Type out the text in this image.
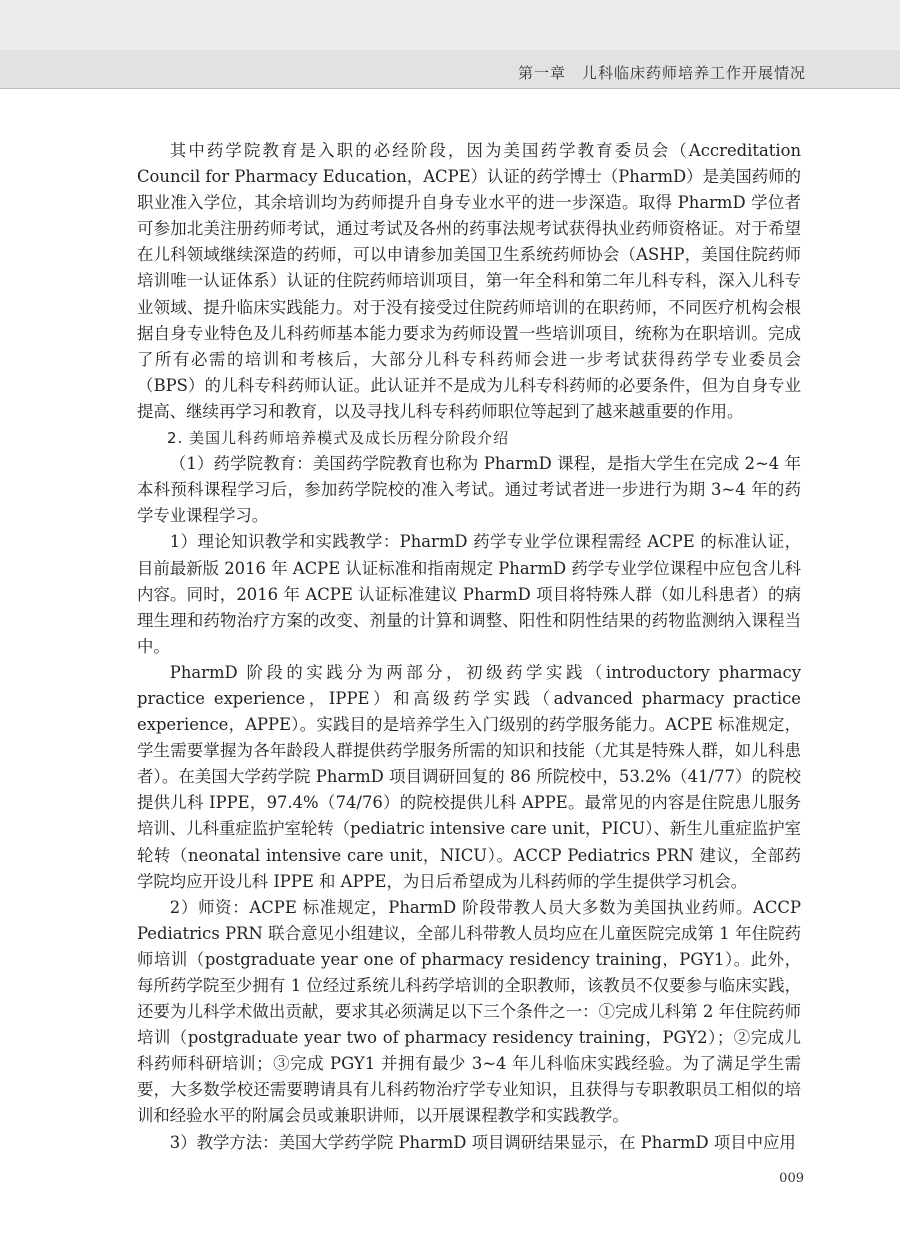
第一章　儿科临床药师培养工作开展情况

其中药学院教育是入职的必经阶段，因为美国药学教育委员会（Accreditation Council for Pharmacy Education，ACPE）认证的药学博士（PharmD）是美国药师的职业准入学位，其余培训均为药师提升自身专业水平的进一步深造。取得 PharmD 学位者可参加北美注册药师考试，通过考试及各州的药事法规考试获得执业药师资格证。对于希望在儿科领域继续深造的药师，可以申请参加美国卫生系统药师协会（ASHP，美国住院药师培训唯一认证体系）认证的住院药师培训项目，第一年全科和第二年儿科专科，深入儿科专业领域、提升临床实践能力。对于没有接受过住院药师培训的在职药师，不同医疗机构会根据自身专业特色及儿科药师基本能力要求为药师设置一些培训项目，统称为在职培训。完成了所有必需的培训和考核后，大部分儿科专科药师会进一步考试获得药学专业委员会（BPS）的儿科专科药师认证。此认证并不是成为儿科专科药师的必要条件，但为自身专业提高、继续再学习和教育，以及寻找儿科专科药师职位等起到了越来越重要的作用。

2. 美国儿科药师培养模式及成长历程分阶段介绍

（1）药学院教育：美国药学院教育也称为 PharmD 课程，是指大学生在完成 2~4 年本科预科课程学习后，参加药学院校的准入考试。通过考试者进一步进行为期 3~4 年的药学专业课程学习。

1）理论知识教学和实践教学：PharmD 药学专业学位课程需经 ACPE 的标准认证，目前最新版 2016 年 ACPE 认证标准和指南规定 PharmD 药学专业学位课程中应包含儿科内容。同时，2016 年 ACPE 认证标准建议 PharmD 项目将特殊人群（如儿科患者）的病理生理和药物治疗方案的改变、剂量的计算和调整、阳性和阴性结果的药物监测纳入课程当中。

PharmD 阶段的实践分为两部分，初级药学实践（introductory pharmacy practice experience，IPPE）和高级药学实践（advanced pharmacy practice experience，APPE）。实践目的是培养学生入门级别的药学服务能力。ACPE 标准规定，学生需要掌握为各年龄段人群提供药学服务所需的知识和技能（尤其是特殊人群，如儿科患者）。在美国大学药学院 PharmD 项目调研回复的 86 所院校中，53.2%（41/77）的院校提供儿科 IPPE，97.4%（74/76）的院校提供儿科 APPE。最常见的内容是住院患儿服务培训、儿科重症监护室轮转（pediatric intensive care unit，PICU）、新生儿重症监护室轮转（neonatal intensive care unit，NICU）。ACCP Pediatrics PRN 建议，全部药学院均应开设儿科 IPPE 和 APPE，为日后希望成为儿科药师的学生提供学习机会。

2）师资：ACPE 标准规定，PharmD 阶段带教人员大多数为美国执业药师。ACCP Pediatrics PRN 联合意见小组建议，全部儿科带教人员均应在儿童医院完成第 1 年住院药师培训（postgraduate year one of pharmacy residency training，PGY1）。此外，每所药学院至少拥有 1 位经过系统儿科药学培训的全职教师，该教员不仅要参与临床实践，还要为儿科学术做出贡献，要求其必须满足以下三个条件之一：①完成儿科第 2 年住院药师培训（postgraduate year two of pharmacy residency training，PGY2）；②完成儿科药师科研培训；③完成 PGY1 并拥有最少 3~4 年儿科临床实践经验。为了满足学生需要，大多数学校还需要聘请具有儿科药物治疗学专业知识，且获得与专职教职员工相似的培训和经验水平的附属会员或兼职讲师，以开展课程教学和实践教学。

3）教学方法：美国大学药学院 PharmD 项目调研结果显示，在 PharmD 项目中应用

009
